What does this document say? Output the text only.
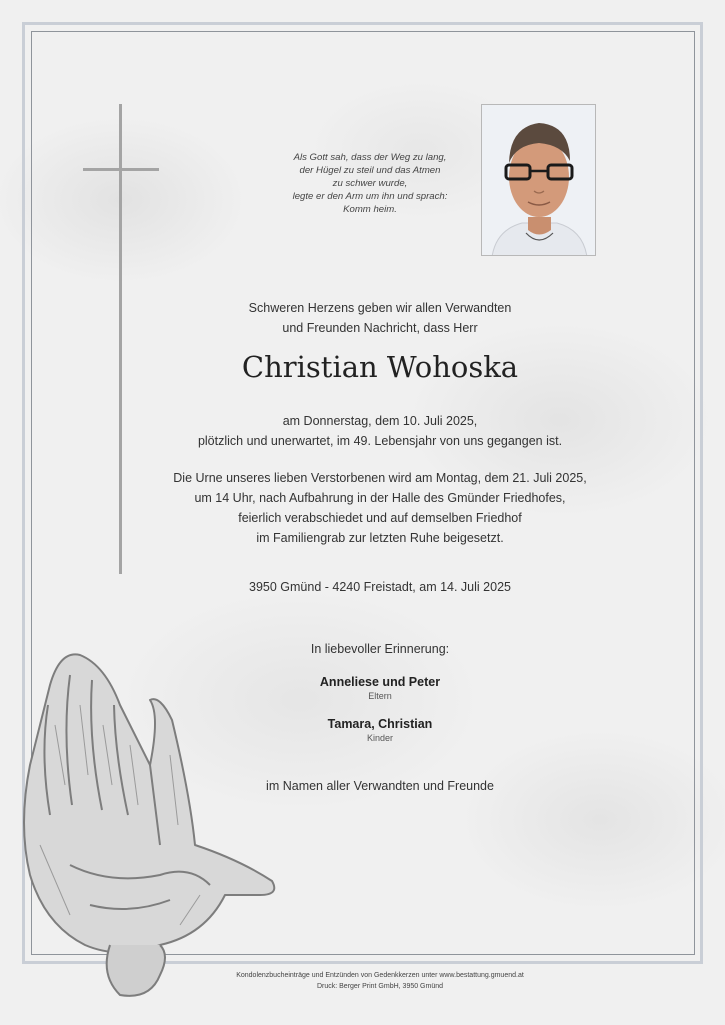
Als Gott sah, dass der Weg zu lang,
der Hügel zu steil und das Atmen
zu schwer wurde,
legte er den Arm um ihn und sprach:
Komm heim.
Schweren Herzens geben wir allen Verwandten
und Freunden Nachricht, dass Herr
Christian Wohoska
am Donnerstag, dem 10. Juli 2025,
plötzlich und unerwartet, im 49. Lebensjahr von uns gegangen ist.
Die Urne unseres lieben Verstorbenen wird am Montag, dem 21. Juli 2025,
um 14 Uhr, nach Aufbahrung in der Halle des Gmünder Friedhofes,
feierlich verabschiedet und auf demselben Friedhof
im Familiengrab zur letzten Ruhe beigesetzt.
3950 Gmünd - 4240 Freistadt, am 14. Juli 2025
In liebevoller Erinnerung:
Anneliese und Peter
Eltern
Tamara, Christian
Kinder
im Namen aller Verwandten und Freunde
Kondolenzbucheinträge und Entzünden von Gedenkkerzen unter www.bestattung.gmuend.at
Druck: Berger Print GmbH, 3950 Gmünd
